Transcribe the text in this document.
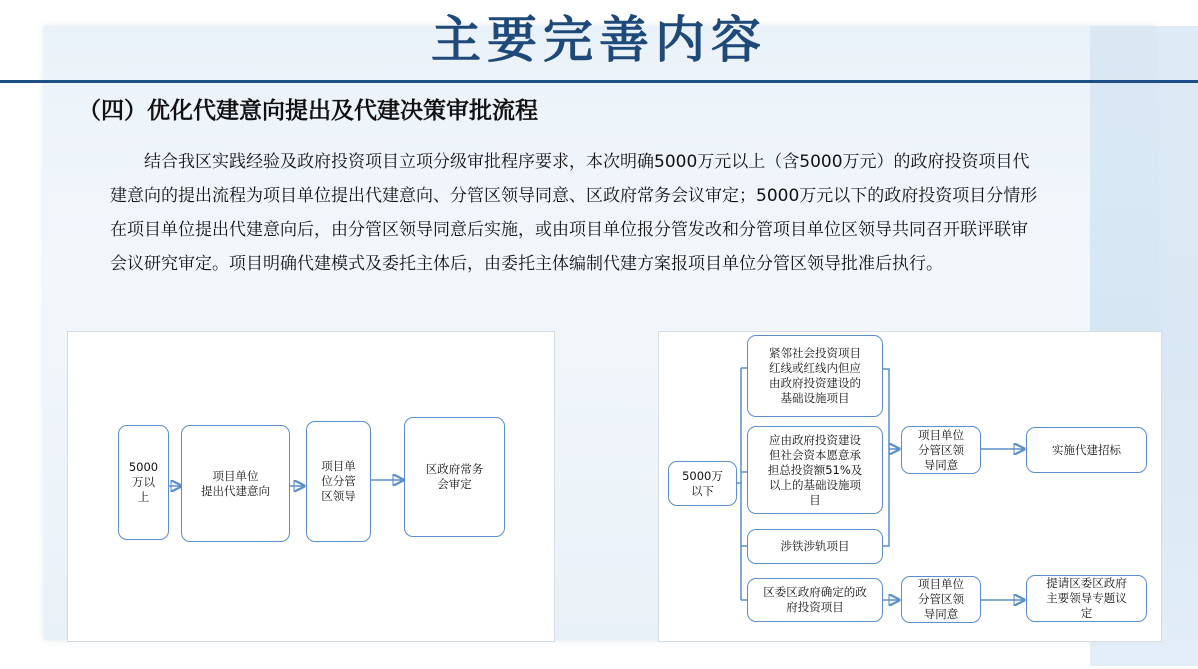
主要完善内容
（四）优化代建意向提出及代建决策审批流程
结合我区实践经验及政府投资项目立项分级审批程序要求，本次明确5000万元以上（含5000万元）的政府投资项目代建意向的提出流程为项目单位提出代建意向、分管区领导同意、区政府常务会议审定；5000万元以下的政府投资项目分情形在项目单位提出代建意向后，由分管区领导同意后实施，或由项目单位报分管发改和分管项目单位区领导共同召开联评联审会议研究审定。项目明确代建模式及委托主体后，由委托主体编制代建方案报项目单位分管区领导批准后执行。
5000
万以
上
项目单位
提出代建意向
项目单
位分管
区领导
区政府常务
会审定
5000万
以下
紧邻社会投资项目
红线或红线内但应
由政府投资建设的
基础设施项目
应由政府投资建设
但社会资本愿意承
担总投资额51%及
以上的基础设施项
目
涉铁涉轨项目
区委区政府确定的政
府投资项目
项目单位
分管区领
导同意
项目单位
分管区领
导同意
实施代建招标
提请区委区政府
主要领导专题议
定
